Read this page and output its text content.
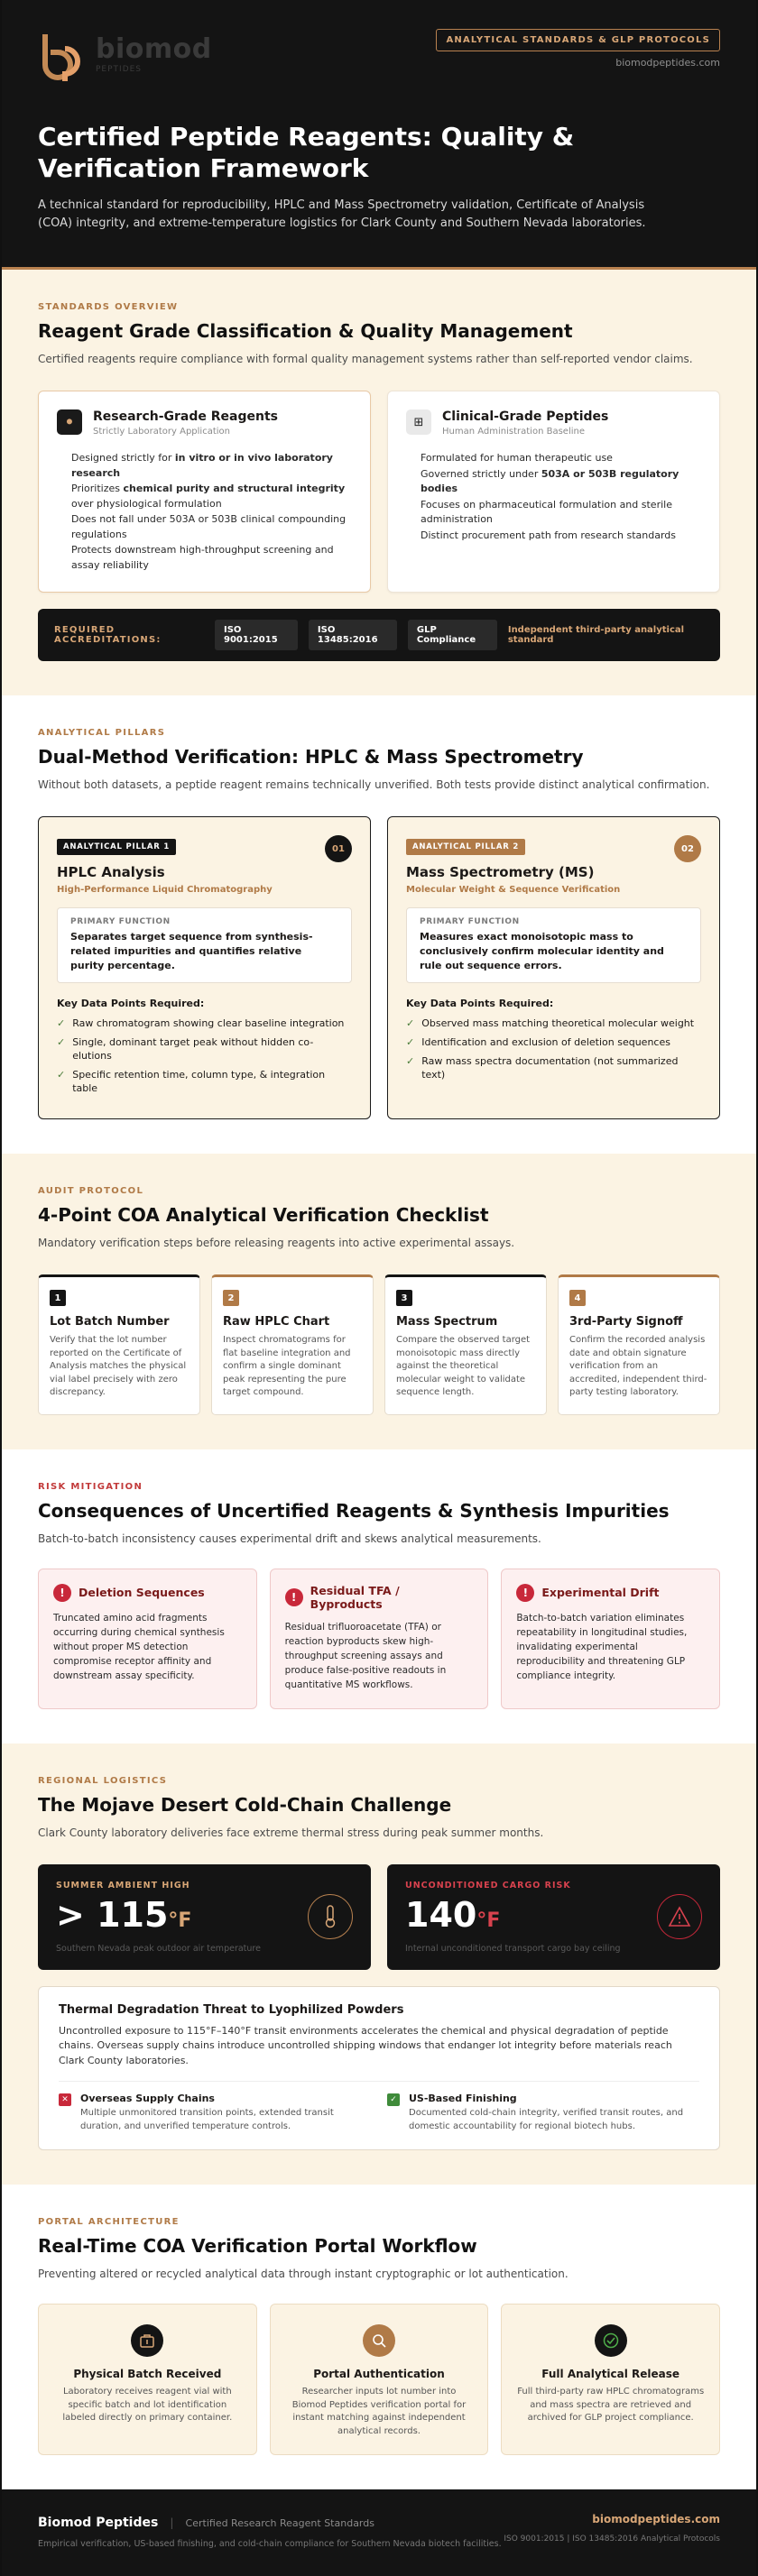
biomod
PEPTIDES
ANALYTICAL STANDARDS & GLP PROTOCOLS
biomodpeptides.com
Certified Peptide Reagents: Quality & Verification Framework

A technical standard for reproducibility, HPLC and Mass Spectrometry validation, Certificate of Analysis (COA) integrity, and extreme-temperature logistics for Clark County and Southern Nevada laboratories.

STANDARDS OVERVIEW
Reagent Grade Classification & Quality Management
Certified reagents require compliance with formal quality management systems rather than self-reported vendor claims.
⚫	Research-Grade Reagents
Strictly Laboratory Application
Designed strictly for in vitro or in vivo laboratory research
Prioritizes chemical purity and structural integrity over physiological formulation
Does not fall under 503A or 503B clinical compounding regulations
Protects downstream high-throughput screening and assay reliability
⊞	Clinical-Grade Peptides
Human Administration Baseline
Formulated for human therapeutic use
Governed strictly under 503A or 503B regulatory bodies
Focuses on pharmaceutical formulation and sterile administration
Distinct procurement path from research standards
REQUIRED ACCREDITATIONS:
ISO 9001:2015
ISO 13485:2016
GLP Compliance
Independent third-party analytical standard
ANALYTICAL PILLARS
Dual-Method Verification: HPLC & Mass Spectrometry
Without both datasets, a peptide reagent remains technically unverified. Both tests provide distinct analytical confirmation.
ANALYTICAL PILLAR 1	01
HPLC Analysis
High-Performance Liquid Chromatography
PRIMARY FUNCTION
Separates target sequence from synthesis-related impurities and quantifies relative purity percentage.
Key Data Points Required:
✓ Raw chromatogram showing clear baseline integration
✓ Single, dominant target peak without hidden co-elutions
✓ Specific retention time, column type, & integration table
ANALYTICAL PILLAR 2	02
Mass Spectrometry (MS)
Molecular Weight & Sequence Verification
PRIMARY FUNCTION
Measures exact monoisotopic mass to conclusively confirm molecular identity and rule out sequence errors.
Key Data Points Required:
✓ Observed mass matching theoretical molecular weight
✓ Identification and exclusion of deletion sequences
✓ Raw mass spectra documentation (not summarized text)
AUDIT PROTOCOL
4-Point COA Analytical Verification Checklist
Mandatory verification steps before releasing reagents into active experimental assays.
1
Lot Batch Number
Verify that the lot number reported on the Certificate of Analysis matches the physical vial label precisely with zero discrepancy.
2
Raw HPLC Chart
Inspect chromatograms for flat baseline integration and confirm a single dominant peak representing the pure target compound.
3
Mass Spectrum
Compare the observed target monoisotopic mass directly against the theoretical molecular weight to validate sequence length.
4
3rd-Party Signoff
Confirm the recorded analysis date and obtain signature verification from an accredited, independent third-party testing laboratory.
RISK MITIGATION
Consequences of Uncertified Reagents & Synthesis Impurities
Batch-to-batch inconsistency causes experimental drift and skews analytical measurements.
!	Deletion Sequences
Truncated amino acid fragments occurring during chemical synthesis without proper MS detection compromise receptor affinity and downstream assay specificity.
!	Residual TFA / Byproducts
Residual trifluoroacetate (TFA) or reaction byproducts skew high-throughput screening assays and produce false-positive readouts in quantitative MS workflows.
!	Experimental Drift
Batch-to-batch variation eliminates repeatability in longitudinal studies, invalidating experimental reproducibility and threatening GLP compliance integrity.
REGIONAL LOGISTICS
The Mojave Desert Cold-Chain Challenge
Clark County laboratory deliveries face extreme thermal stress during peak summer months.
SUMMER AMBIENT HIGH
> 115°F
Southern Nevada peak outdoor air temperature
UNCONDITIONED CARGO RISK
140°F
Internal unconditioned transport cargo bay ceiling
Thermal Degradation Threat to Lyophilized Powders

Uncontrolled exposure to 115°F–140°F transit environments accelerates the chemical and physical degradation of peptide chains. Overseas supply chains introduce uncontrolled shipping windows that endanger lot integrity before materials reach Clark County laboratories.

✕ Overseas Supply Chains
Multiple unmonitored transition points, extended transit duration, and unverified temperature controls.
✓ US-Based Finishing
Documented cold-chain integrity, verified transit routes, and domestic accountability for regional biotech hubs.
PORTAL ARCHITECTURE
Real-Time COA Verification Portal Workflow
Preventing altered or recycled analytical data through instant cryptographic or lot authentication.
Physical Batch Received
Laboratory receives reagent vial with specific batch and lot identification labeled directly on primary container.
Portal Authentication
Researcher inputs lot number into Biomod Peptides verification portal for instant matching against independent analytical records.
Full Analytical Release
Full third-party raw HPLC chromatograms and mass spectra are retrieved and archived for GLP project compliance.
Biomod Peptides | Certified Research Reagent Standards
Empirical verification, US-based finishing, and cold-chain compliance for Southern Nevada biotech facilities.
biomodpeptides.com
ISO 9001:2015 | ISO 13485:2016 Analytical Protocols
